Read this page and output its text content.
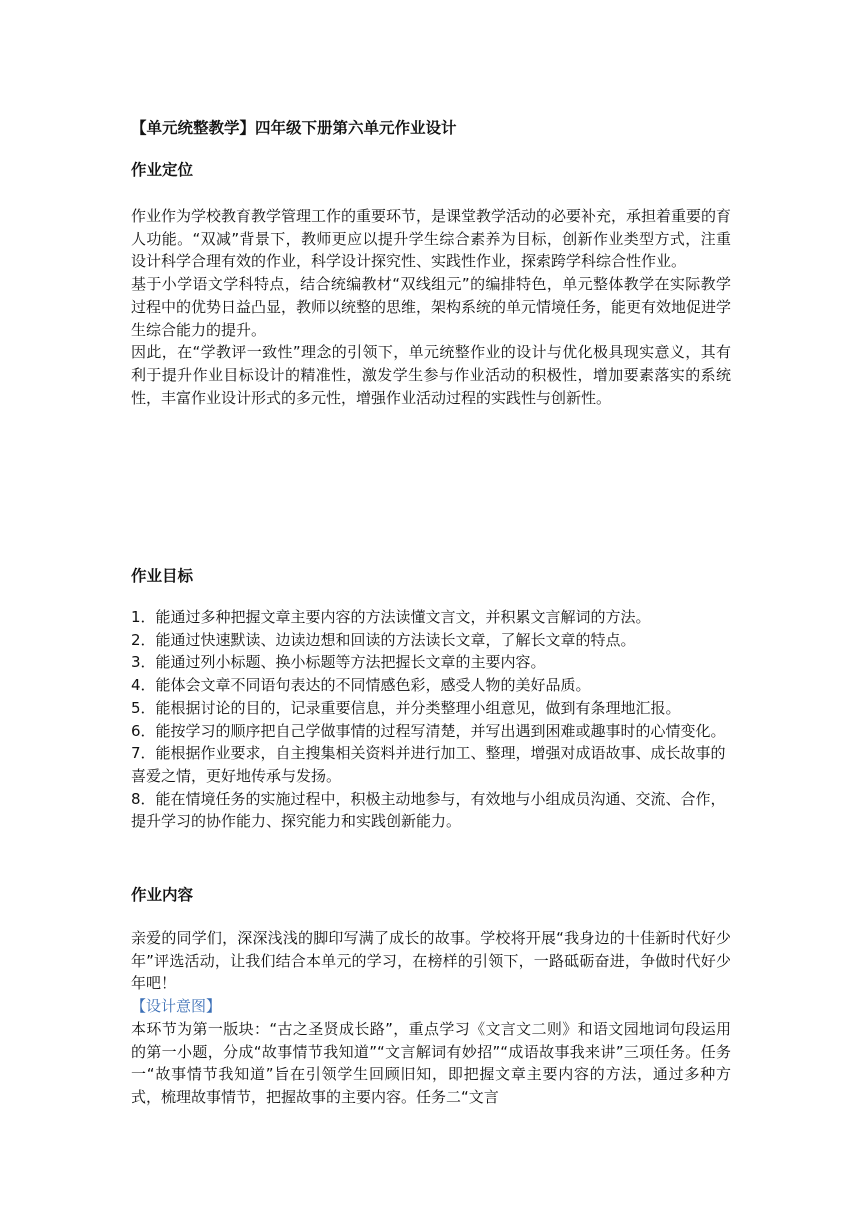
【单元统整教学】四年级下册第六单元作业设计
作业定位

作业作为学校教育教学管理工作的重要环节，是课堂教学活动的必要补充，承担着重要的育人功能。“双减”背景下，教师更应以提升学生综合素养为目标，创新作业类型方式，注重设计科学合理有效的作业，科学设计探究性、实践性作业，探索跨学科综合性作业。

基于小学语文学科特点，结合统编教材“双线组元”的编排特色，单元整体教学在实际教学过程中的优势日益凸显，教师以统整的思维，架构系统的单元情境任务，能更有效地促进学生综合能力的提升。

因此，在“学教评一致性”理念的引领下，单元统整作业的设计与优化极具现实意义，其有利于提升作业目标设计的精准性，激发学生参与作业活动的积极性，增加要素落实的系统性，丰富作业设计形式的多元性，增强作业活动过程的实践性与创新性。

作业目标
1．能通过多种把握文章主要内容的方法读懂文言文，并积累文言解词的方法。
2．能通过快速默读、边读边想和回读的方法读长文章，了解长文章的特点。
3．能通过列小标题、换小标题等方法把握长文章的主要内容。
4．能体会文章不同语句表达的不同情感色彩，感受人物的美好品质。
5．能根据讨论的目的，记录重要信息，并分类整理小组意见，做到有条理地汇报。
6．能按学习的顺序把自己学做事情的过程写清楚，并写出遇到困难或趣事时的心情变化。
7．能根据作业要求，自主搜集相关资料并进行加工、整理，增强对成语故事、成长故事的喜爱之情，更好地传承与发扬。
8．能在情境任务的实施过程中，积极主动地参与，有效地与小组成员沟通、交流、合作，提升学习的协作能力、探究能力和实践创新能力。
作业内容

亲爱的同学们，深深浅浅的脚印写满了成长的故事。学校将开展“我身边的十佳新时代好少年”评选活动，让我们结合本单元的学习，在榜样的引领下，一路砥砺奋进，争做时代好少年吧！

【设计意图】

本环节为第一版块：“古之圣贤成长路”，重点学习《文言文二则》和语文园地词句段运用的第一小题，分成“故事情节我知道”“文言解词有妙招”“成语故事我来讲”三项任务。任务一“故事情节我知道”旨在引领学生回顾旧知，即把握文章主要内容的方法，通过多种方式，梳理故事情节，把握故事的主要内容。任务二“文言
